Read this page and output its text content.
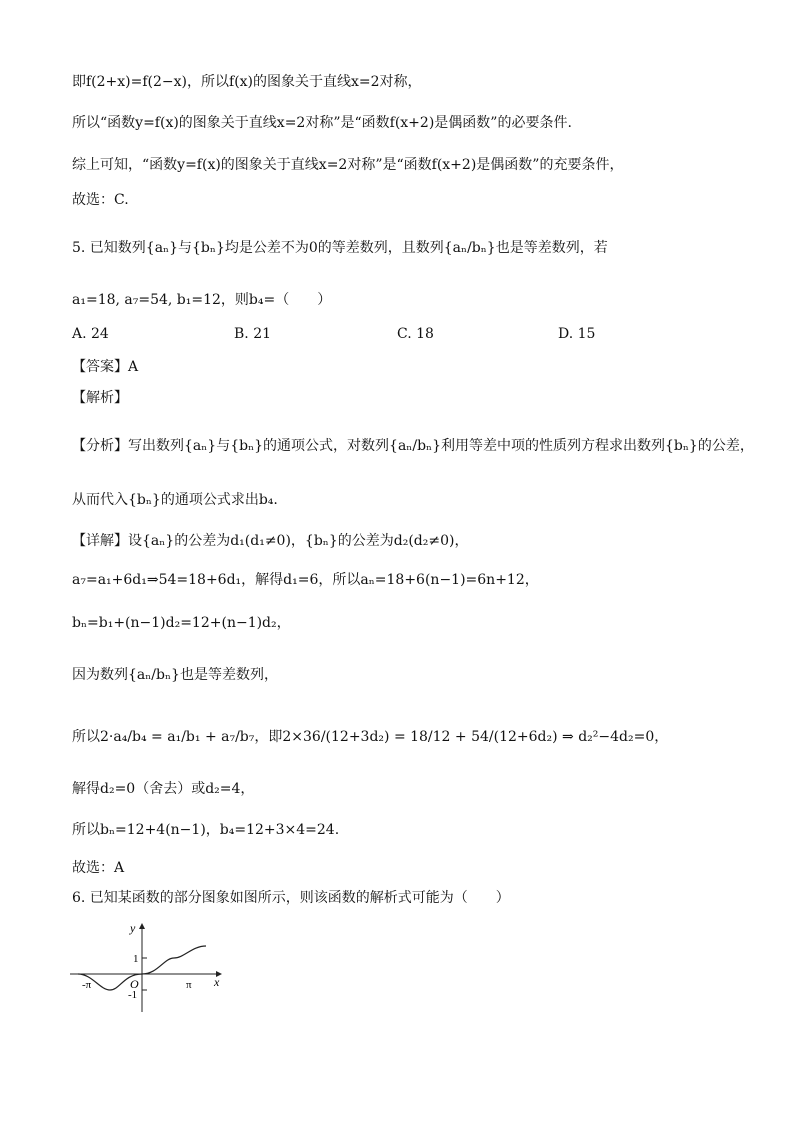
即f(2+x)=f(2−x)，所以f(x)的图象关于直线x=2对称，
所以“函数y=f(x)的图象关于直线x=2对称”是“函数f(x+2)是偶函数”的必要条件.
综上可知，“函数y=f(x)的图象关于直线x=2对称”是“函数f(x+2)是偶函数”的充要条件，
故选：C.
5. 已知数列{aₙ}与{bₙ}均是公差不为0的等差数列，且数列{aₙ/bₙ}也是等差数列，若
a₁=18, a₇=54, b₁=12，则b₄=（　　）
A. 24	B. 21	C. 18	D. 15
【答案】A
【解析】
【分析】写出数列{aₙ}与{bₙ}的通项公式，对数列{aₙ/bₙ}利用等差中项的性质列方程求出数列{bₙ}的公差，
从而代入{bₙ}的通项公式求出b₄.
【详解】设{aₙ}的公差为d₁(d₁≠0)，{bₙ}的公差为d₂(d₂≠0)，
a₇=a₁+6d₁⇒54=18+6d₁，解得d₁=6，所以aₙ=18+6(n−1)=6n+12，
bₙ=b₁+(n−1)d₂=12+(n−1)d₂，
因为数列{aₙ/bₙ}也是等差数列，
所以2·a₄/b₄ = a₁/b₁ + a₇/b₇，即2×36/(12+3d₂) = 18/12 + 54/(12+6d₂) ⇒ d₂²−4d₂=0，
解得d₂=0（舍去）或d₂=4，
所以bₙ=12+4(n−1)，b₄=12+3×4=24.
故选：A
6. 已知某函数的部分图象如图所示，则该函数的解析式可能为（　　）
y
x
O
1
-1
π
-π
